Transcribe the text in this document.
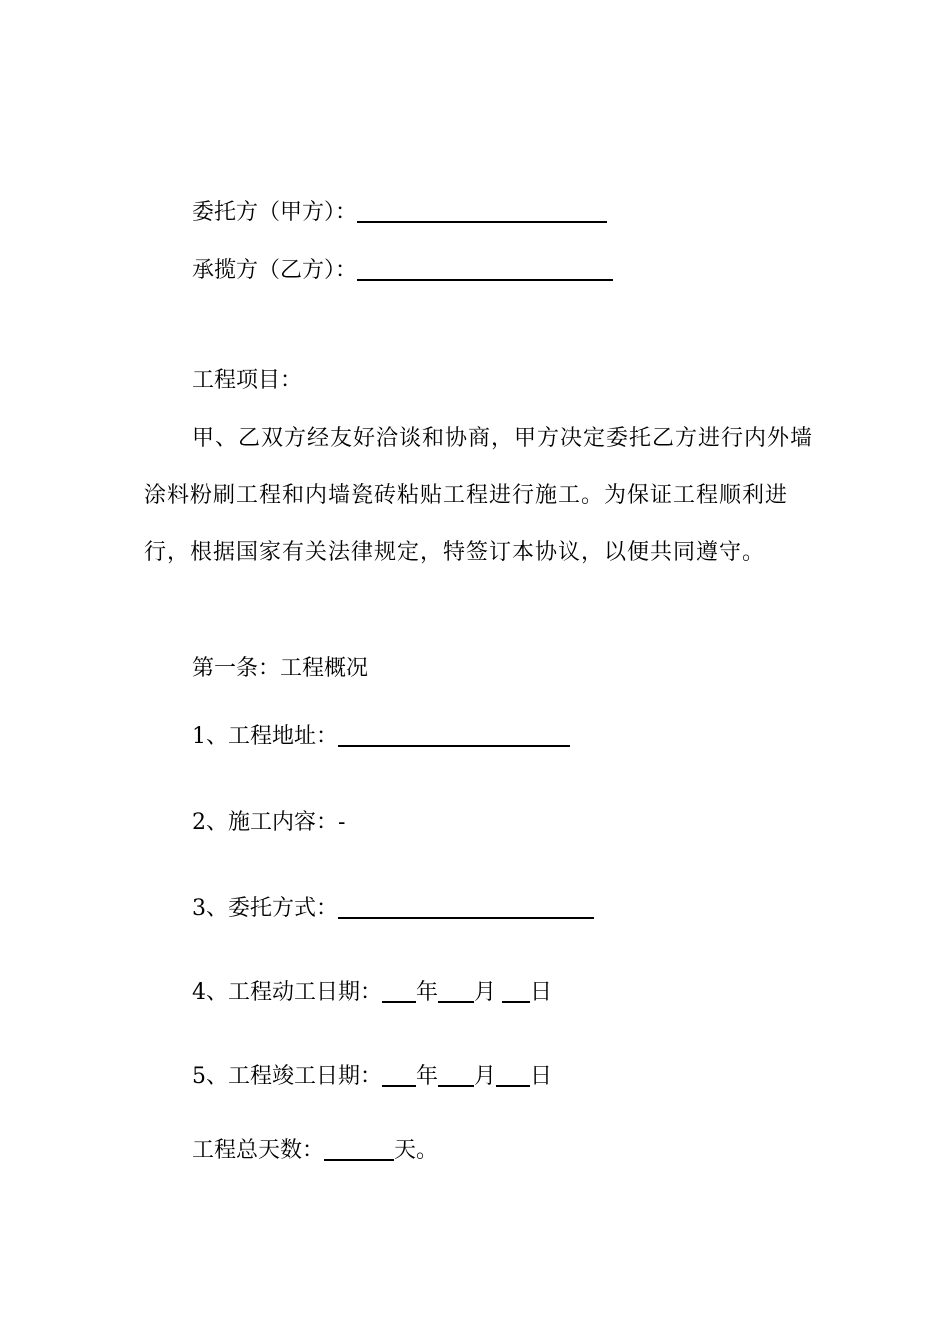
委托方（甲方）：
承揽方（乙方）：
工程项目：
甲、乙双方经友好洽谈和协商，甲方决定委托乙方进行内外墙涂料粉刷工程和内墙瓷砖粘贴工程进行施工。为保证工程顺利进行，根据国家有关法律规定，特签订本协议，以便共同遵守。
第一条：工程概况
1、工程地址：
2、施工内容：-
3、委托方式：
4、工程动工日期： 年 月 日
5、工程竣工日期： 年 月 日
工程总天数：	天。
